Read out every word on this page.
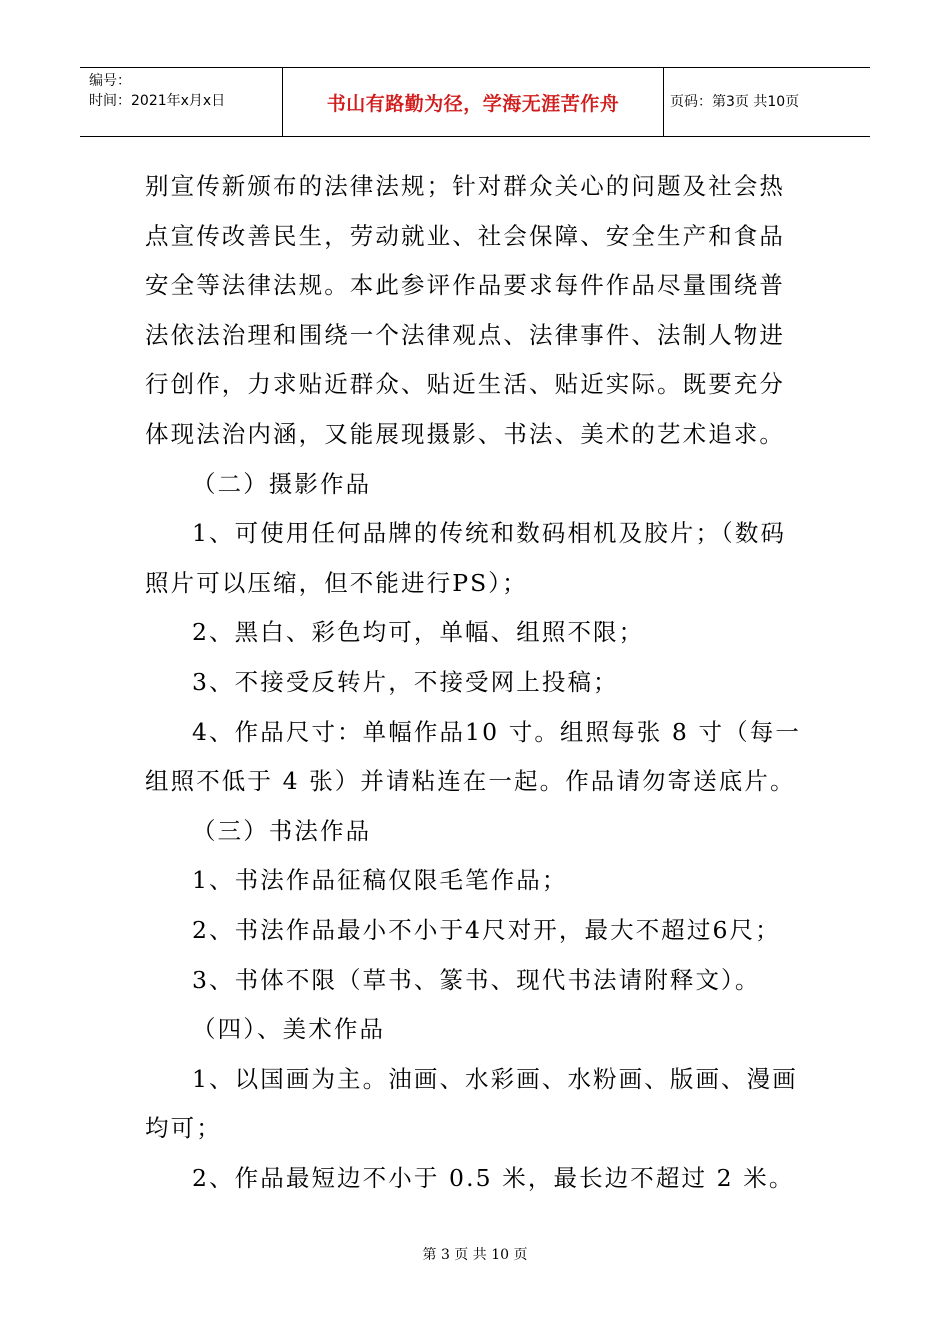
编号：
时间：2021年x月x日	书山有路勤为径，学海无涯苦作舟	页码：第3页 共10页
别宣传新颁布的法律法规；针对群众关心的问题及社会热
点宣传改善民生，劳动就业、社会保障、安全生产和食品
安全等法律法规。本此参评作品要求每件作品尽量围绕普
法依法治理和围绕一个法律观点、法律事件、法制人物进
行创作，力求贴近群众、贴近生活、贴近实际。既要充分
体现法治内涵，又能展现摄影、书法、美术的艺术追求。
（二）摄影作品
1、可使用任何品牌的传统和数码相机及胶片；（数码
照片可以压缩，但不能进行PS）；
2、黑白、彩色均可，单幅、组照不限；
3、不接受反转片，不接受网上投稿；
4、作品尺寸：单幅作品10 寸。组照每张 8 寸（每一
组照不低于 4 张）并请粘连在一起。作品请勿寄送底片。
（三）书法作品
1、书法作品征稿仅限毛笔作品；
2、书法作品最小不小于4尺对开，最大不超过6尺；
3、书体不限（草书、篆书、现代书法请附释文）。
（四）、美术作品
1、以国画为主。油画、水彩画、水粉画、版画、漫画
均可；
2、作品最短边不小于 0.5 米，最长边不超过 2 米。
第 3 页 共 10 页
